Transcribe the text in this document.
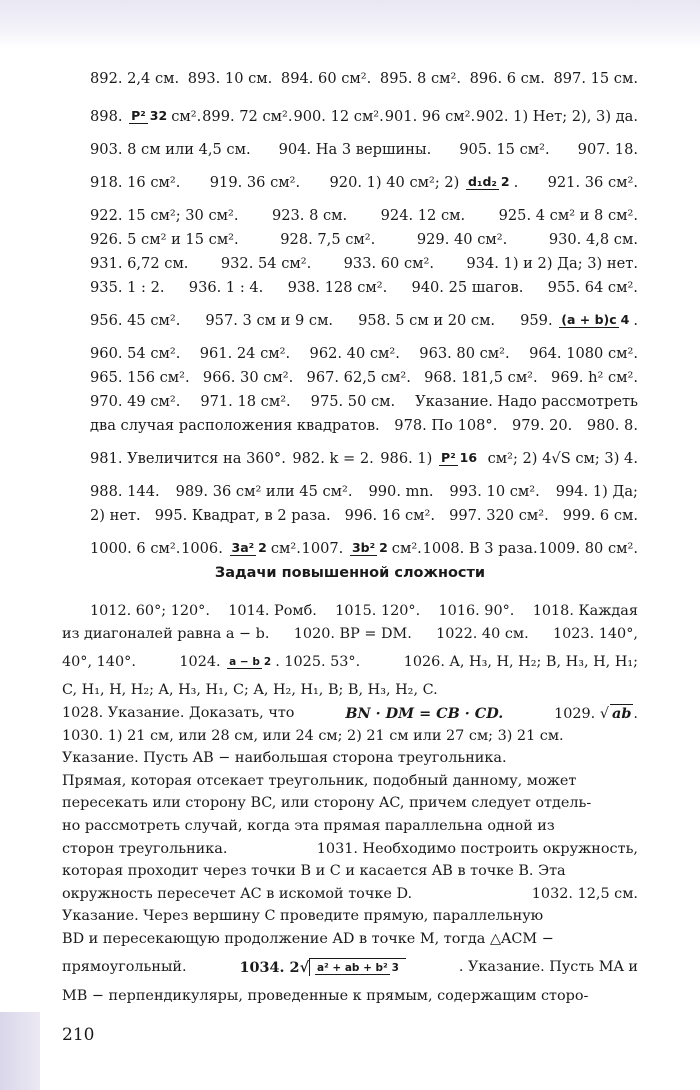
892. 2,4 см. 893. 10 см. 894. 60 см². 895. 8 см². 896. 6 см. 897. 15 см.
898. P² 32 см². 899. 72 см². 900. 12 см². 901. 96 см². 902. 1) Нет; 2), 3) да.
903. 8 см или 4,5 см. 904. На 3 вершины. 905. 15 см². 907. 18.
918. 16 см². 919. 36 см². 920. 1) 40 см²; 2) d₁d₂ 2 . 921. 36 см².
922. 15 см²; 30 см². 923. 8 см. 924. 12 см. 925. 4 см² и 8 см².
926. 5 см² и 15 см².	928. 7,5 см².	929. 40 см².	930. 4,8 см.
931. 6,72 см. 932. 54 см². 933. 60 см². 934. 1) и 2) Да; 3) нет.
935. 1 : 2. 936. 1 : 4. 938. 128 см². 940. 25 шагов. 955. 64 см².
956. 45 см². 957. 3 см и 9 см. 958. 5 см и 20 см. 959. (a + b)c 4 .
960. 54 см². 961. 24 см². 962. 40 см². 963. 80 см². 964. 1080 см².
965. 156 см². 966. 30 см². 967. 62,5 см². 968. 181,5 см². 969. h² см².
970. 49 см². 971. 18 см². 975. 50 см. Указание. Надо рассмотреть
два случая расположения квадратов. 978. По 108°. 979. 20. 980. 8.
981. Увеличится на 360°. 982. k = 2. 986. 1) P² 16 см²; 2) 4√S см; 3) 4.
988. 144. 989. 36 см² или 45 см². 990. mn. 993. 10 см². 994. 1) Да;
2) нет. 995. Квадрат, в 2 раза. 996. 16 см². 997. 320 см². 999. 6 см.
1000. 6 см². 1006. 3a² 2 см². 1007. 3b² 2 см². 1008. В 3 раза. 1009. 80 см².
Задачи повышенной сложности
1012. 60°; 120°. 1014. Ромб. 1015. 120°. 1016. 90°. 1018. Каждая
из диагоналей равна a − b. 1020. BP = DM. 1022. 40 см. 1023. 140°,
40°, 140°.	1024. a − b 2 . 1025. 53°.	1026. A, H₃, H, H₂; B, H₃, H, H₁;
C, H₁, H, H₂; A, H₃, H₁, C; A, H₂, H₁, B; B, H₃, H₂, C.
1028. Указание. Доказать, что	BN · DM = CB · CD.	1029. √ ab .
1030. 1) 21 см, или 28 см, или 24 см; 2) 21 см или 27 см; 3) 21 см.
Указание. Пусть AB − наибольшая сторона треугольника.
Прямая, которая отсекает треугольник, подобный данному, может
пересекать или сторону BC, или сторону AC, причем следует отдель-
но рассмотреть случай, когда эта прямая параллельна одной из
сторон треугольника.	1031. Необходимо построить окружность,
которая проходит через точки B и C и касается AB в точке B. Эта
окружность пересечет AC в искомой точке D.	1032. 12,5 см.
Указание. Через вершину C проведите прямую, параллельную
BD и пересекающую продолжение AD в точке M, тогда △ACM −
прямоугольный.	1034. 2√ a² + ab + b² 3	. Указание. Пусть MA и
MB − перпендикуляры, проведенные к прямым, содержащим сторо-
210
